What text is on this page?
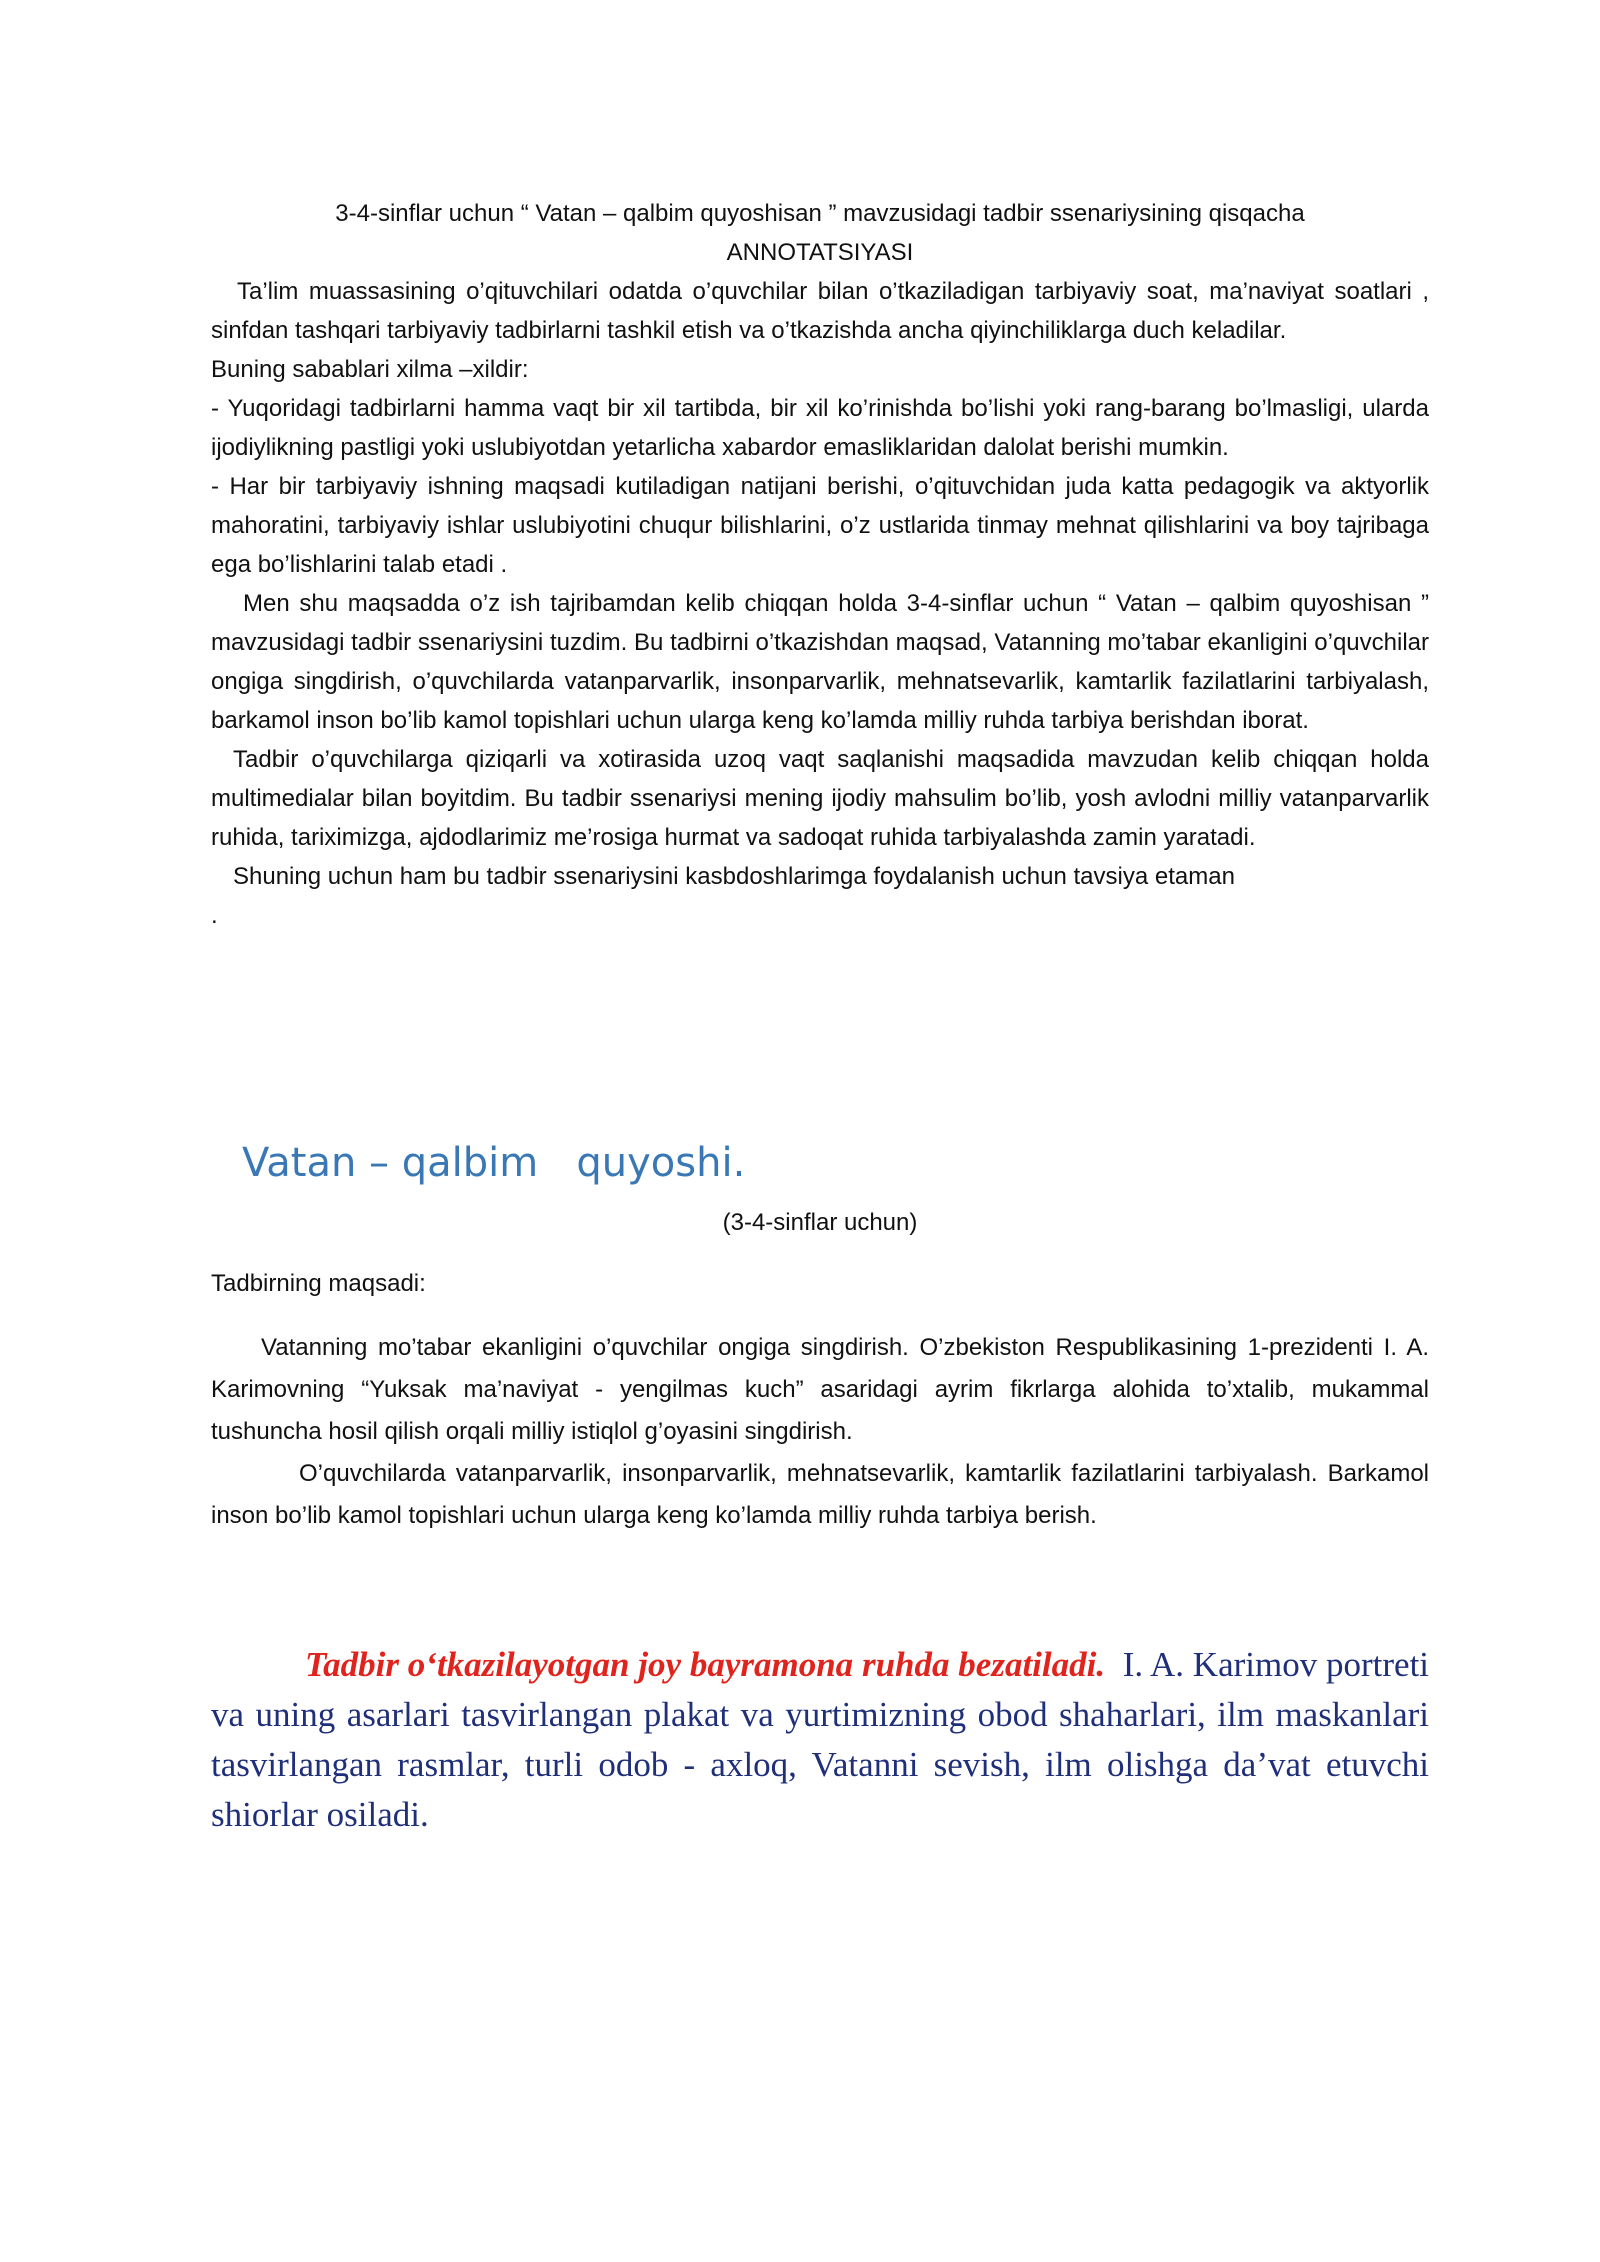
3-4-sinflar uchun “ Vatan – qalbim quyoshisan ” mavzusidagi tadbir ssenariysining qisqacha

ANNOTATSIYASI

Ta’lim muassasining o’qituvchilari odatda o’quvchilar bilan o’tkaziladigan tarbiyaviy soat, ma’naviyat soatlari , sinfdan tashqari tarbiyaviy tadbirlarni tashkil etish va o’tkazishda ancha qiyinchiliklarga duch keladilar.

Buning sabablari xilma –xildir:

- Yuqoridagi tadbirlarni hamma vaqt bir xil tartibda, bir xil ko’rinishda bo’lishi yoki rang-barang bo’lmasligi, ularda ijodiylikning pastligi yoki uslubiyotdan yetarlicha xabardor emasliklaridan dalolat berishi mumkin.

- Har bir tarbiyaviy ishning maqsadi kutiladigan natijani berishi, o’qituvchidan juda katta pedagogik va aktyorlik mahoratini, tarbiyaviy ishlar uslubiyotini chuqur bilishlarini, o’z ustlarida tinmay mehnat qilishlarini va boy tajribaga ega bo’lishlarini talab etadi .

Men shu maqsadda o’z ish tajribamdan kelib chiqqan holda 3-4-sinflar uchun “ Vatan – qalbim quyoshisan ” mavzusidagi tadbir ssenariysini tuzdim. Bu tadbirni o’tkazishdan maqsad, Vatanning mo’tabar ekanligini o’quvchilar ongiga singdirish, o’quvchilarda vatanparvarlik, insonparvarlik, mehnatsevarlik, kamtarlik fazilatlarini tarbiyalash, barkamol inson bo’lib kamol topishlari uchun ularga keng ko’lamda milliy ruhda tarbiya berishdan iborat.

Tadbir o’quvchilarga qiziqarli va xotirasida uzoq vaqt saqlanishi maqsadida mavzudan kelib chiqqan holda multimedialar bilan boyitdim. Bu tadbir ssenariysi mening ijodiy mahsulim bo’lib, yosh avlodni milliy vatanparvarlik ruhida, tariximizga, ajdodlarimiz me’rosiga hurmat va sadoqat ruhida tarbiyalashda zamin yaratadi.

Shuning uchun ham bu tadbir ssenariysini kasbdoshlarimga foydalanish uchun tavsiya etaman

.

Vatan – qalbim   quyoshi.
(3-4-sinflar uchun)
Tadbirning maqsadi:

Vatanning mo’tabar ekanligini o’quvchilar ongiga singdirish. O’zbekiston Respublikasining 1-prezidenti I. A. Karimovning “Yuksak ma’naviyat - yengilmas kuch” asaridagi ayrim fikrlarga alohida to’xtalib, mukammal tushuncha hosil qilish orqali milliy istiqlol g’oyasini singdirish.

O’quvchilarda vatanparvarlik, insonparvarlik, mehnatsevarlik, kamtarlik fazilatlarini tarbiyalash. Barkamol inson bo’lib kamol topishlari uchun ularga keng ko’lamda milliy ruhda tarbiya berish.

Tadbir o‘tkazilayotgan joy bayramona ruhda bezatiladi. I. A. Karimov portreti va uning asarlari tasvirlangan plakat va yurtimizning obod shaharlari, ilm maskanlari tasvirlangan rasmlar, turli odob - axloq, Vatanni sevish, ilm olishga da’vat etuvchi shiorlar osiladi.
